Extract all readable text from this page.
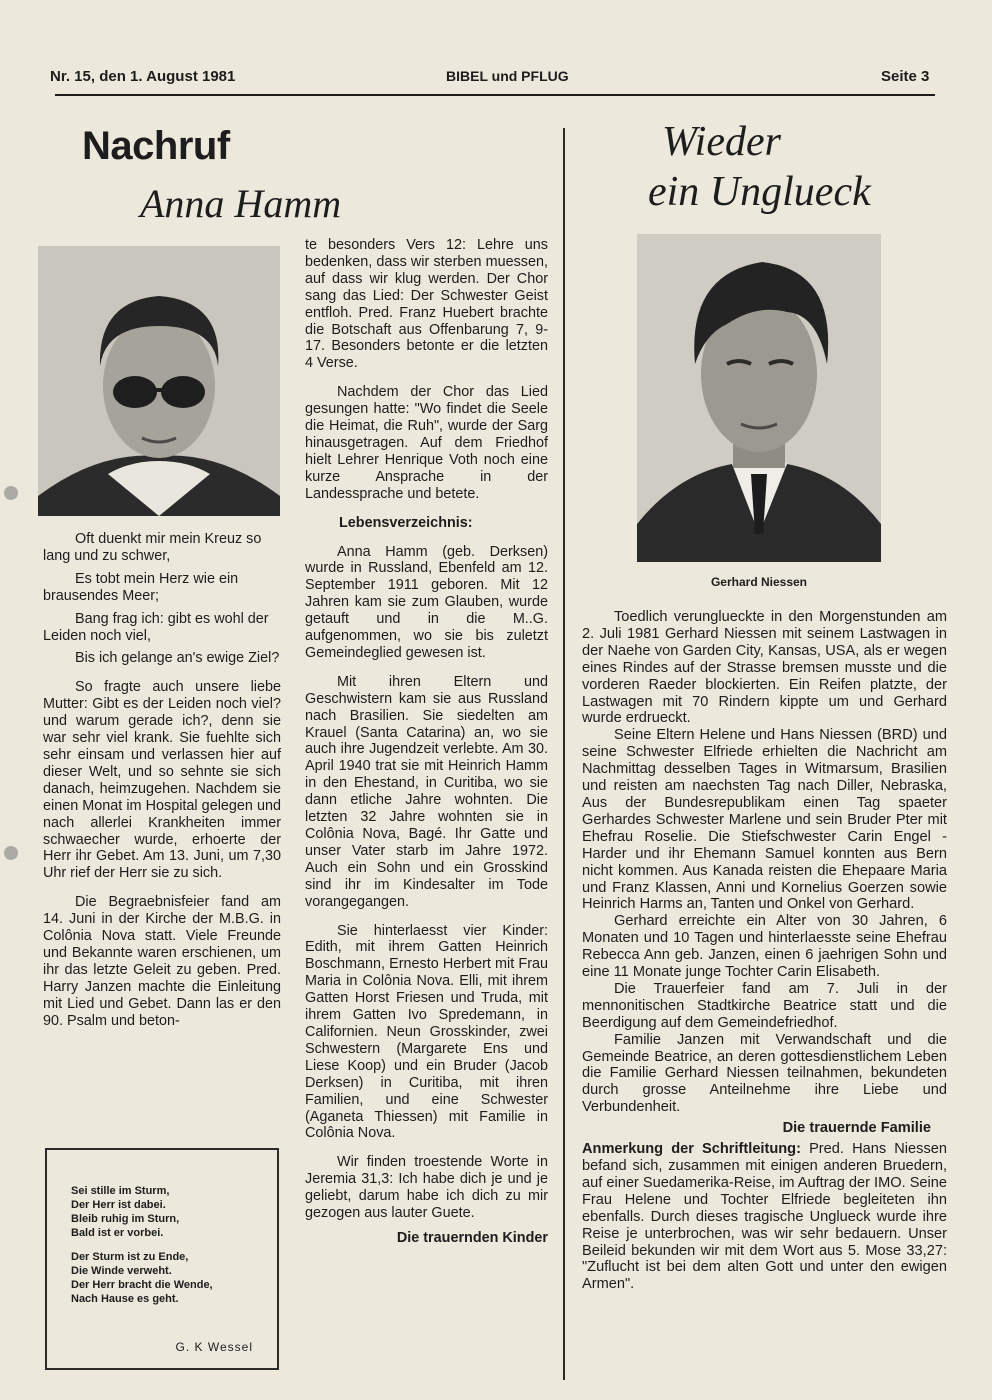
Nr. 15, den 1. August 1981	BIBEL und PFLUG	Seite 3
Nachruf
Anna Hamm

Oft duenkt mir mein Kreuz so lang und zu schwer,

Es tobt mein Herz wie ein brausendes Meer;

Bang frag ich: gibt es wohl der Leiden noch viel,

Bis ich gelange an's ewige Ziel?

So fragte auch unsere liebe Mutter: Gibt es der Leiden noch viel? und warum gerade ich?, denn sie war sehr viel krank. Sie fuehlte sich sehr einsam und verlassen hier auf dieser Welt, und so sehnte sie sich danach, heimzugehen. Nachdem sie einen Monat im Hospital gelegen und nach allerlei Krankheiten immer schwaecher wurde, erhoerte der Herr ihr Gebet. Am 13. Juni, um 7,30 Uhr rief der Herr sie zu sich.

Die Begraebnisfeier fand am 14. Juni in der Kirche der M.B.G. in Colônia Nova statt. Viele Freunde und Bekannte waren erschienen, um ihr das letzte Geleit zu geben. Pred. Harry Janzen machte die Einleitung mit Lied und Gebet. Dann las er den 90. Psalm und beton-

Sei stille im Sturm,
Der Herr ist dabei.
Bleib ruhig im Sturn,
Bald ist er vorbei.
Der Sturm ist zu Ende,
Die Winde verweht.
Der Herr bracht die Wende,
Nach Hause es geht.
G. K Wessel

te besonders Vers 12: Lehre uns bedenken, dass wir sterben muessen, auf dass wir klug werden. Der Chor sang das Lied: Der Schwester Geist entfloh. Pred. Franz Huebert brachte die Botschaft aus Offenbarung 7, 9-17. Besonders betonte er die letzten 4 Verse.

Nachdem der Chor das Lied gesungen hatte: "Wo findet die Seele die Heimat, die Ruh", wurde der Sarg hinausgetragen. Auf dem Friedhof hielt Lehrer Henrique Voth noch eine kurze Ansprache in der Landessprache und betete.

Lebensverzeichnis:

Anna Hamm (geb. Derksen) wurde in Russland, Ebenfeld am 12. September 1911 geboren. Mit 12 Jahren kam sie zum Glauben, wurde getauft und in die M..G. aufgenommen, wo sie bis zuletzt Gemeindeglied gewesen ist.

Mit ihren Eltern und Geschwistern kam sie aus Russland nach Brasilien. Sie siedelten am Krauel (Santa Catarina) an, wo sie auch ihre Jugendzeit verlebte. Am 30. April 1940 trat sie mit Heinrich Hamm in den Ehestand, in Curitiba, wo sie dann etliche Jahre wohnten. Die letzten 32 Jahre wohnten sie in Colônia Nova, Bagé. Ihr Gatte und unser Vater starb im Jahre 1972. Auch ein Sohn und ein Grosskind sind ihr im Kindesalter im Tode vorangegangen.

Sie hinterlaesst vier Kinder: Edith, mit ihrem Gatten Heinrich Boschmann, Ernesto Herbert mit Frau Maria in Colônia Nova. Elli, mit ihrem Gatten Horst Friesen und Truda, mit ihrem Gatten Ivo Spredemann, in Californien. Neun Grosskinder, zwei Schwestern (Margarete Ens und Liese Koop) und ein Bruder (Jacob Derksen) in Curitiba, mit ihren Familien, und eine Schwester (Aganeta Thiessen) mit Familie in Colônia Nova.

Wir finden troestende Worte in Jeremia 31,3: Ich habe dich je und je geliebt, darum habe ich dich zu mir gezogen aus lauter Guete.

Die trauernden Kinder

Wieder
ein Unglueck
Gerhard Niessen

Toedlich verunglueckte in den Morgenstunden am 2. Juli 1981 Gerhard Niessen mit seinem Lastwagen in der Naehe von Garden City, Kansas, USA, als er wegen eines Rindes auf der Strasse bremsen musste und die vorderen Raeder blockierten. Ein Reifen platzte, der Lastwagen mit 70 Rindern kippte um und Gerhard wurde erdrueckt.

Seine Eltern Helene und Hans Niessen (BRD) und seine Schwester Elfriede erhielten die Nachricht am Nachmittag desselben Tages in Witmarsum, Brasilien und reisten am naechsten Tag nach Diller, Nebraska, Aus der Bundesrepublikam einen Tag spaeter Gerhardes Schwester Marlene und sein Bruder Pter mit Ehefrau Roselie. Die Stiefschwester Carin Engel - Harder und ihr Ehemann Samuel konnten aus Bern nicht kommen. Aus Kanada reisten die Ehepaare Maria und Franz Klassen, Anni und Kornelius Goerzen sowie Heinrich Harms an, Tanten und Onkel von Gerhard.

Gerhard erreichte ein Alter von 30 Jahren, 6 Monaten und 10 Tagen und hinterlaesste seine Ehefrau Rebecca Ann geb. Janzen, einen 6 jaehrigen Sohn und eine 11 Monate junge Tochter Carin Elisabeth.

Die Trauerfeier fand am 7. Juli in der mennonitischen Stadtkirche Beatrice statt und die Beerdigung auf dem Gemeindefriedhof.

Familie Janzen mit Verwandschaft und die Gemeinde Beatrice, an deren gottesdienstlichem Leben die Familie Gerhard Niessen teilnahmen, bekundeten durch grosse Anteilnehme ihre Liebe und Verbundenheit.

Die trauernde Familie

Anmerkung der Schriftleitung: Pred. Hans Niessen befand sich, zusammen mit einigen anderen Bruedern, auf einer Suedamerika-Reise, im Auftrag der IMO. Seine Frau Helene und Tochter Elfriede begleiteten ihn ebenfalls. Durch dieses tragische Unglueck wurde ihre Reise je unterbrochen, was wir sehr bedauern. Unser Beileid bekunden wir mit dem Wort aus 5. Mose 33,27: "Zuflucht ist bei dem alten Gott und unter den ewigen Armen".
